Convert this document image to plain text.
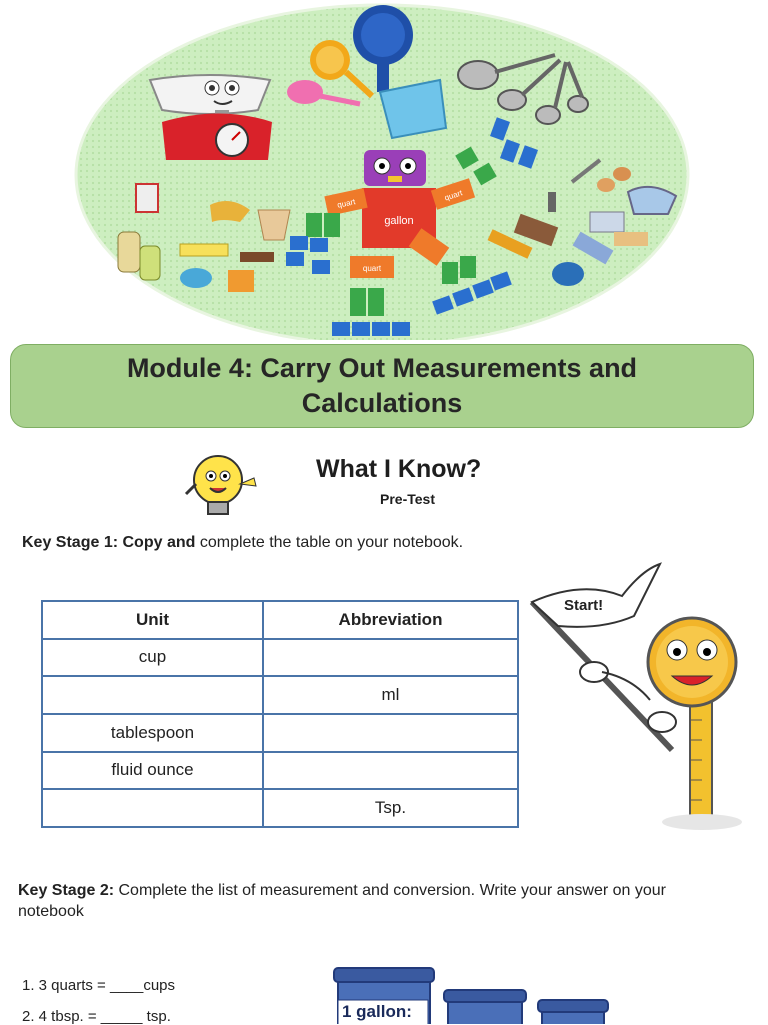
gallon
quart
quart
quart
Module 4: Carry Out Measurements and
Calculations
What I Know?
Pre-Test
Key Stage 1: Copy and complete the table on your notebook.
Unit	Abbreviation
cup	
	ml
tablespoon	
fluid ounce	
	Tsp.
Start!
Key Stage 2: Complete the list of measurement and conversion. Write your answer on your notebook
1. 3 quarts = ____cups
2. 4 tbsp. = _____ tsp.	1 gallon:
